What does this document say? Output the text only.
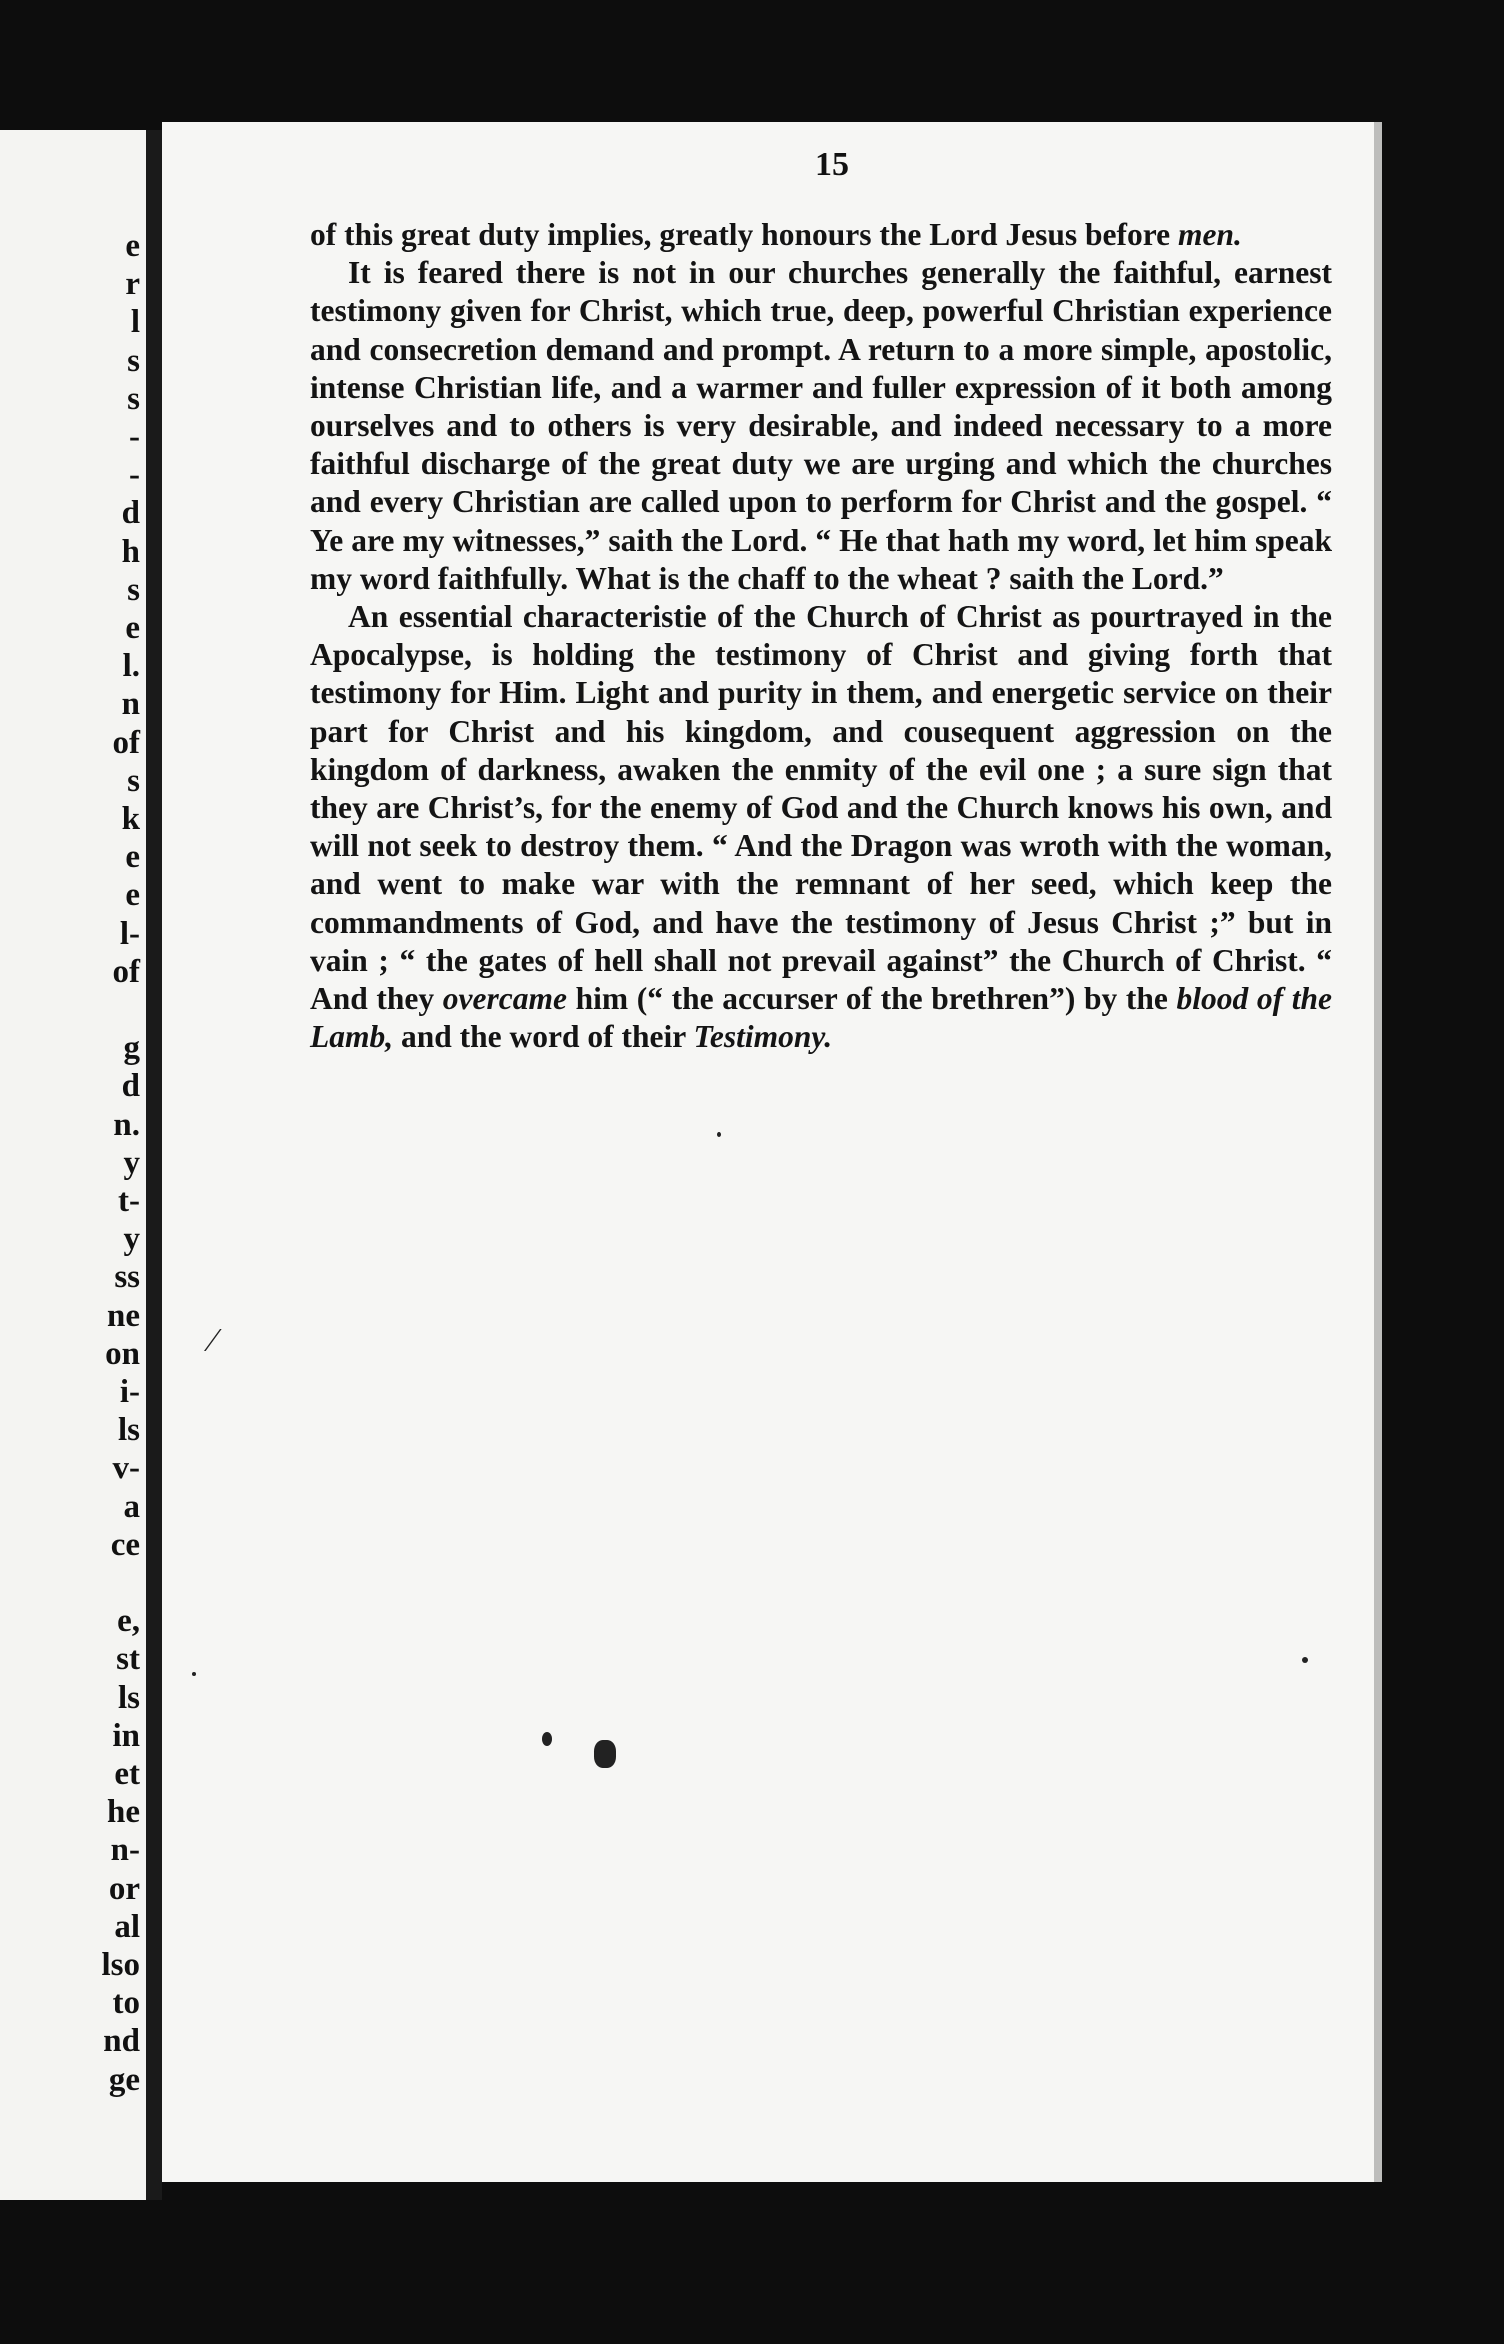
e
r
l
s
s
-
-
d
h
s
e
l.
n
of
s
k
e
e
l-
of
g
d
n.
y
t-
y
ss
ne
on
i-
ls
v-
a
ce
e,
st
ls
in
et
he
n-
or
al
lso
to
nd
ge
15

of this great duty implies, greatly honours the Lord Jesus before men.

It is feared there is not in our churches generally the faithful, earnest testimony given for Christ, which true, deep, powerful Christian experience and consecretion demand and prompt. A return to a more simple, apostolic, intense Christian life, and a warmer and fuller expression of it both among ourselves and to others is very desirable, and indeed necessary to a more faithful discharge of the great duty we are urging and which the churches and every Christian are called upon to perform for Christ and the gospel. “ Ye are my witnesses,” saith the Lord. “ He that hath my word, let him speak my word faithfully. What is the chaff to the wheat ? saith the Lord.”

An essential characteristie of the Church of Christ as pourtrayed in the Apocalypse, is holding the testimony of Christ and giving forth that testimony for Him. Light and purity in them, and energetic service on their part for Christ and his kingdom, and cousequent aggression on the kingdom of darkness, awaken the enmity of the evil one ; a sure sign that they are Christ’s, for the enemy of God and the Church knows his own, and will not seek to destroy them. “ And the Dragon was wroth with the woman, and went to make war with the remnant of her seed, which keep the commandments of God, and have the testimony of Jesus Christ ;” but in vain ; “ the gates of hell shall not prevail against” the Church of Christ. “ And they overcame him (“ the accurser of the brethren”) by the blood of the Lamb, and the word of their Testimony.

⁄
